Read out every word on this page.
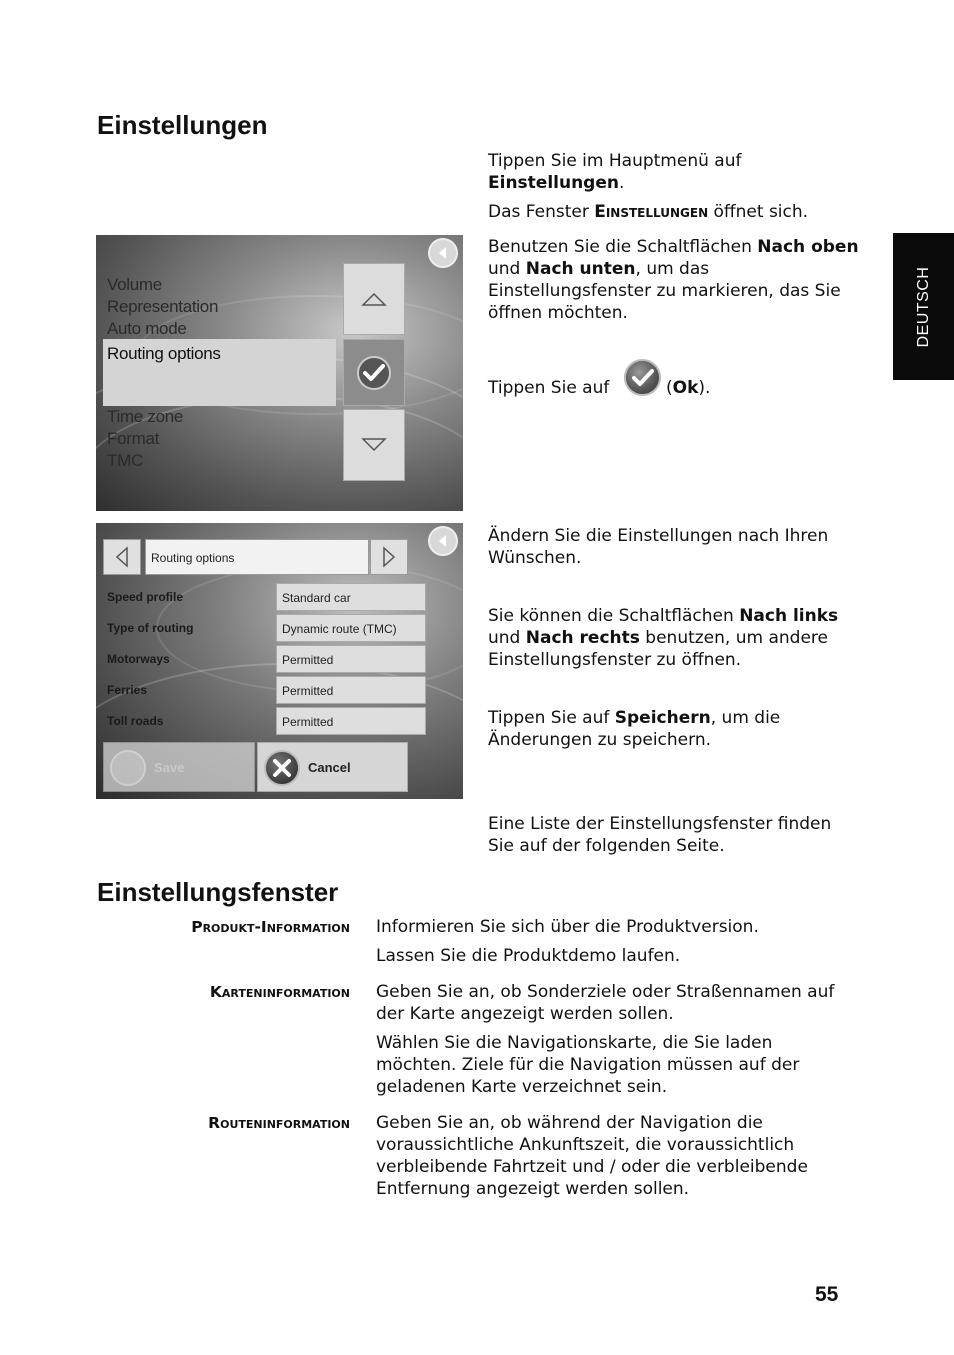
Einstellungen
Einstellungsfenster
DEUTSCH
Tippen Sie im Hauptmenü auf
Einstellungen.
Das Fenster Einstellungen öffnet sich.
Benutzen Sie die Schaltflächen Nach oben
und Nach unten, um das
Einstellungsfenster zu markieren, das Sie
öffnen möchten.
Tippen Sie auf	(Ok).
Ändern Sie die Einstellungen nach Ihren
Wünschen.
Sie können die Schaltflächen Nach links
und Nach rechts benutzen, um andere
Einstellungsfenster zu öffnen.
Tippen Sie auf Speichern, um die
Änderungen zu speichern.
Eine Liste der Einstellungsfenster finden
Sie auf der folgenden Seite.
Volume
Representation
Auto mode
Routing options
Time zone
Format
TMC
Routing options
Speed profile	Standard car
Type of routing	Dynamic route (TMC)
Motorways	Permitted
Ferries	Permitted
Toll roads	Permitted
Save	Cancel
Produkt-Information Informieren Sie sich über die Produktversion.
Lassen Sie die Produktdemo laufen.
Karteninformation Geben Sie an, ob Sonderziele oder Straßennamen auf
der Karte angezeigt werden sollen.
Wählen Sie die Navigationskarte, die Sie laden
möchten. Ziele für die Navigation müssen auf der
geladenen Karte verzeichnet sein.
Routeninformation Geben Sie an, ob während der Navigation die
voraussichtliche Ankunftszeit, die voraussichtlich
verbleibende Fahrtzeit und / oder die verbleibende
Entfernung angezeigt werden sollen.
55
